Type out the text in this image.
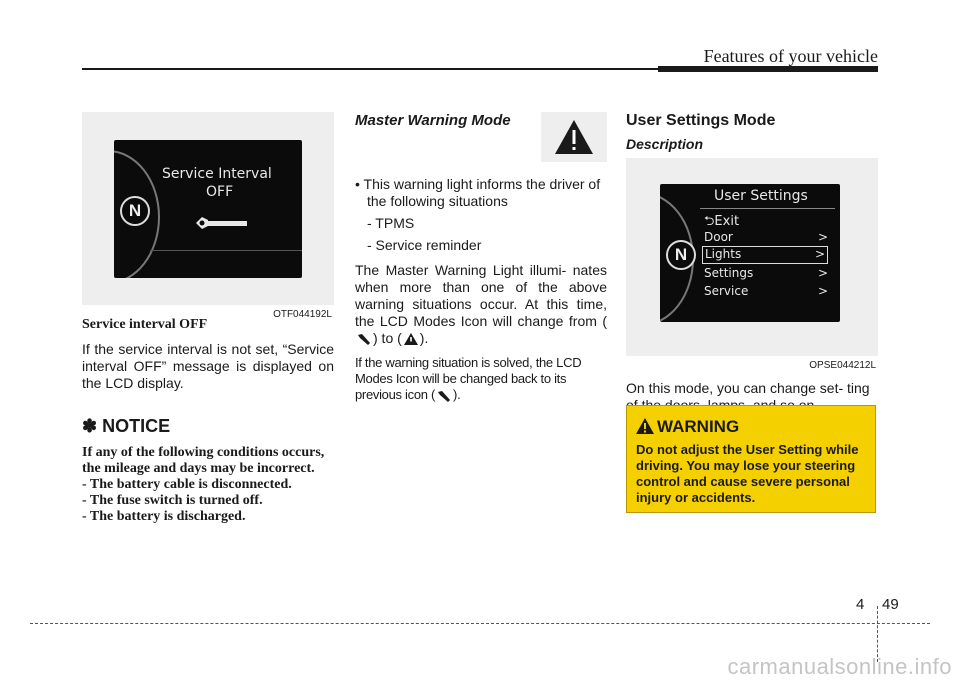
Features of your vehicle
N
Service Interval
OFF
OTF044192L
Service interval OFF
If the service interval is not set, “Service interval OFF” message is displayed on the LCD display.
✽ NOTICE
If any of the following conditions occurs, the mileage and days may be incorrect.
- The battery cable is disconnected.
- The fuse switch is turned off.
- The battery is discharged.
Master Warning Mode
• This warning light informs the driver of the following situations
- TPMS
- Service reminder
The Master Warning Light illumi- nates when more than one of the above warning situations occur. At this time, the LCD Modes Icon will change from () to ( ).
If the warning situation is solved, the LCD Modes Icon will be changed back to its previous icon ( ).
User Settings Mode
Description
N
User Settings
⮌Exit
Door	>
Lights	>
Settings	>
Service	>
OPSE044212L
On this mode, you can change set- ting
WARNING
Do not adjust the User Setting while driving. You may lose your steering control and cause severe personal injury or accidents.
4 49
carmanualsonline.info
